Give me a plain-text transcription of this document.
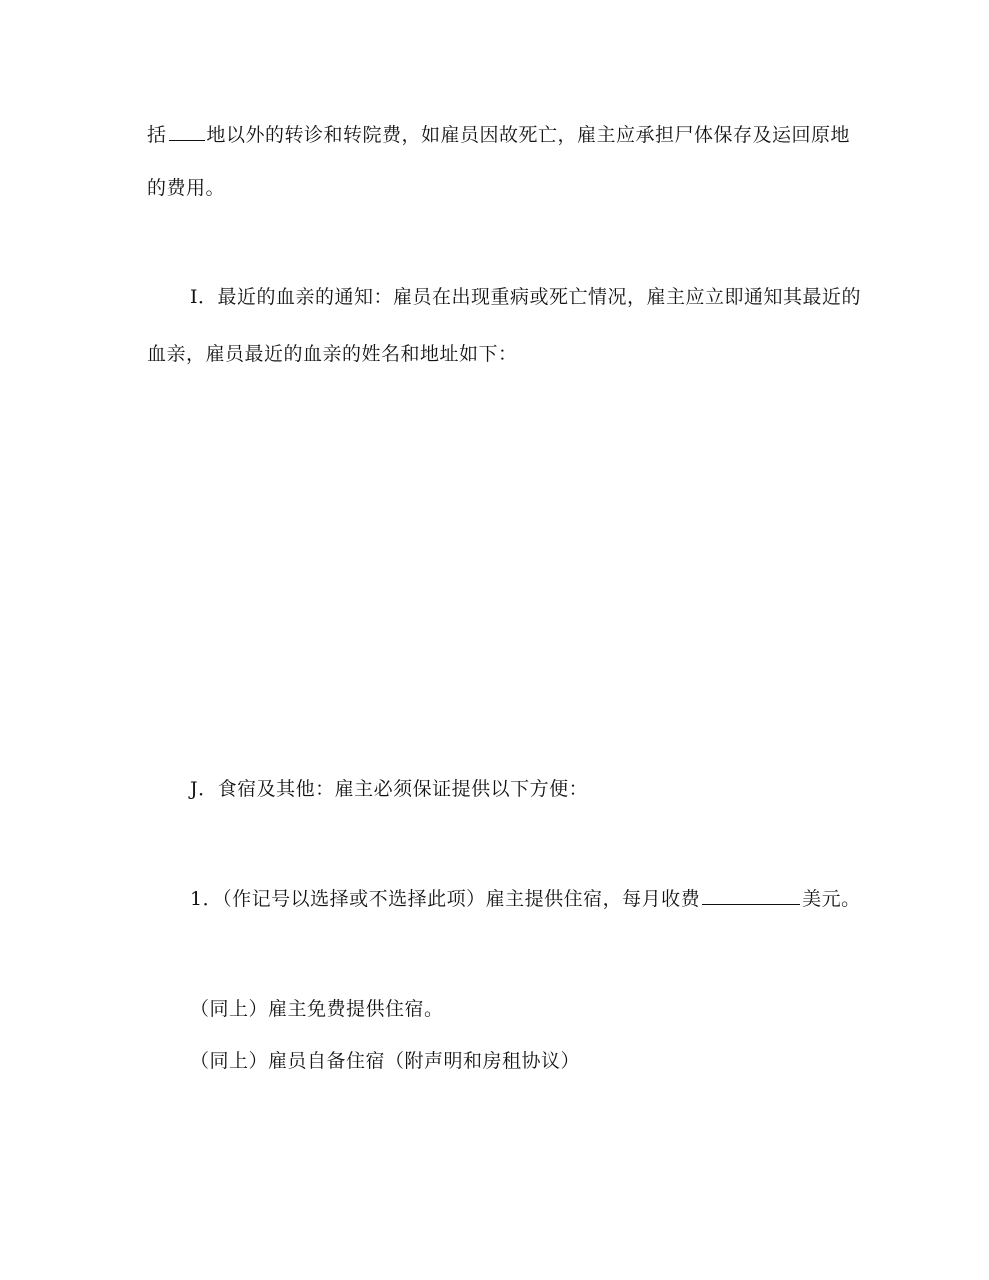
括 地以外的转诊和转院费，如雇员因故死亡，雇主应承担尸体保存及运回原地
的费用。
I．最近的血亲的通知：雇员在出现重病或死亡情况，雇主应立即通知其最近的
血亲，雇员最近的血亲的姓名和地址如下：
J．食宿及其他：雇主必须保证提供以下方便：
1．（作记号以选择或不选择此项）雇主提供住宿，每月收费	美元。
（同上）雇主免费提供住宿。
（同上）雇员自备住宿（附声明和房租协议）
